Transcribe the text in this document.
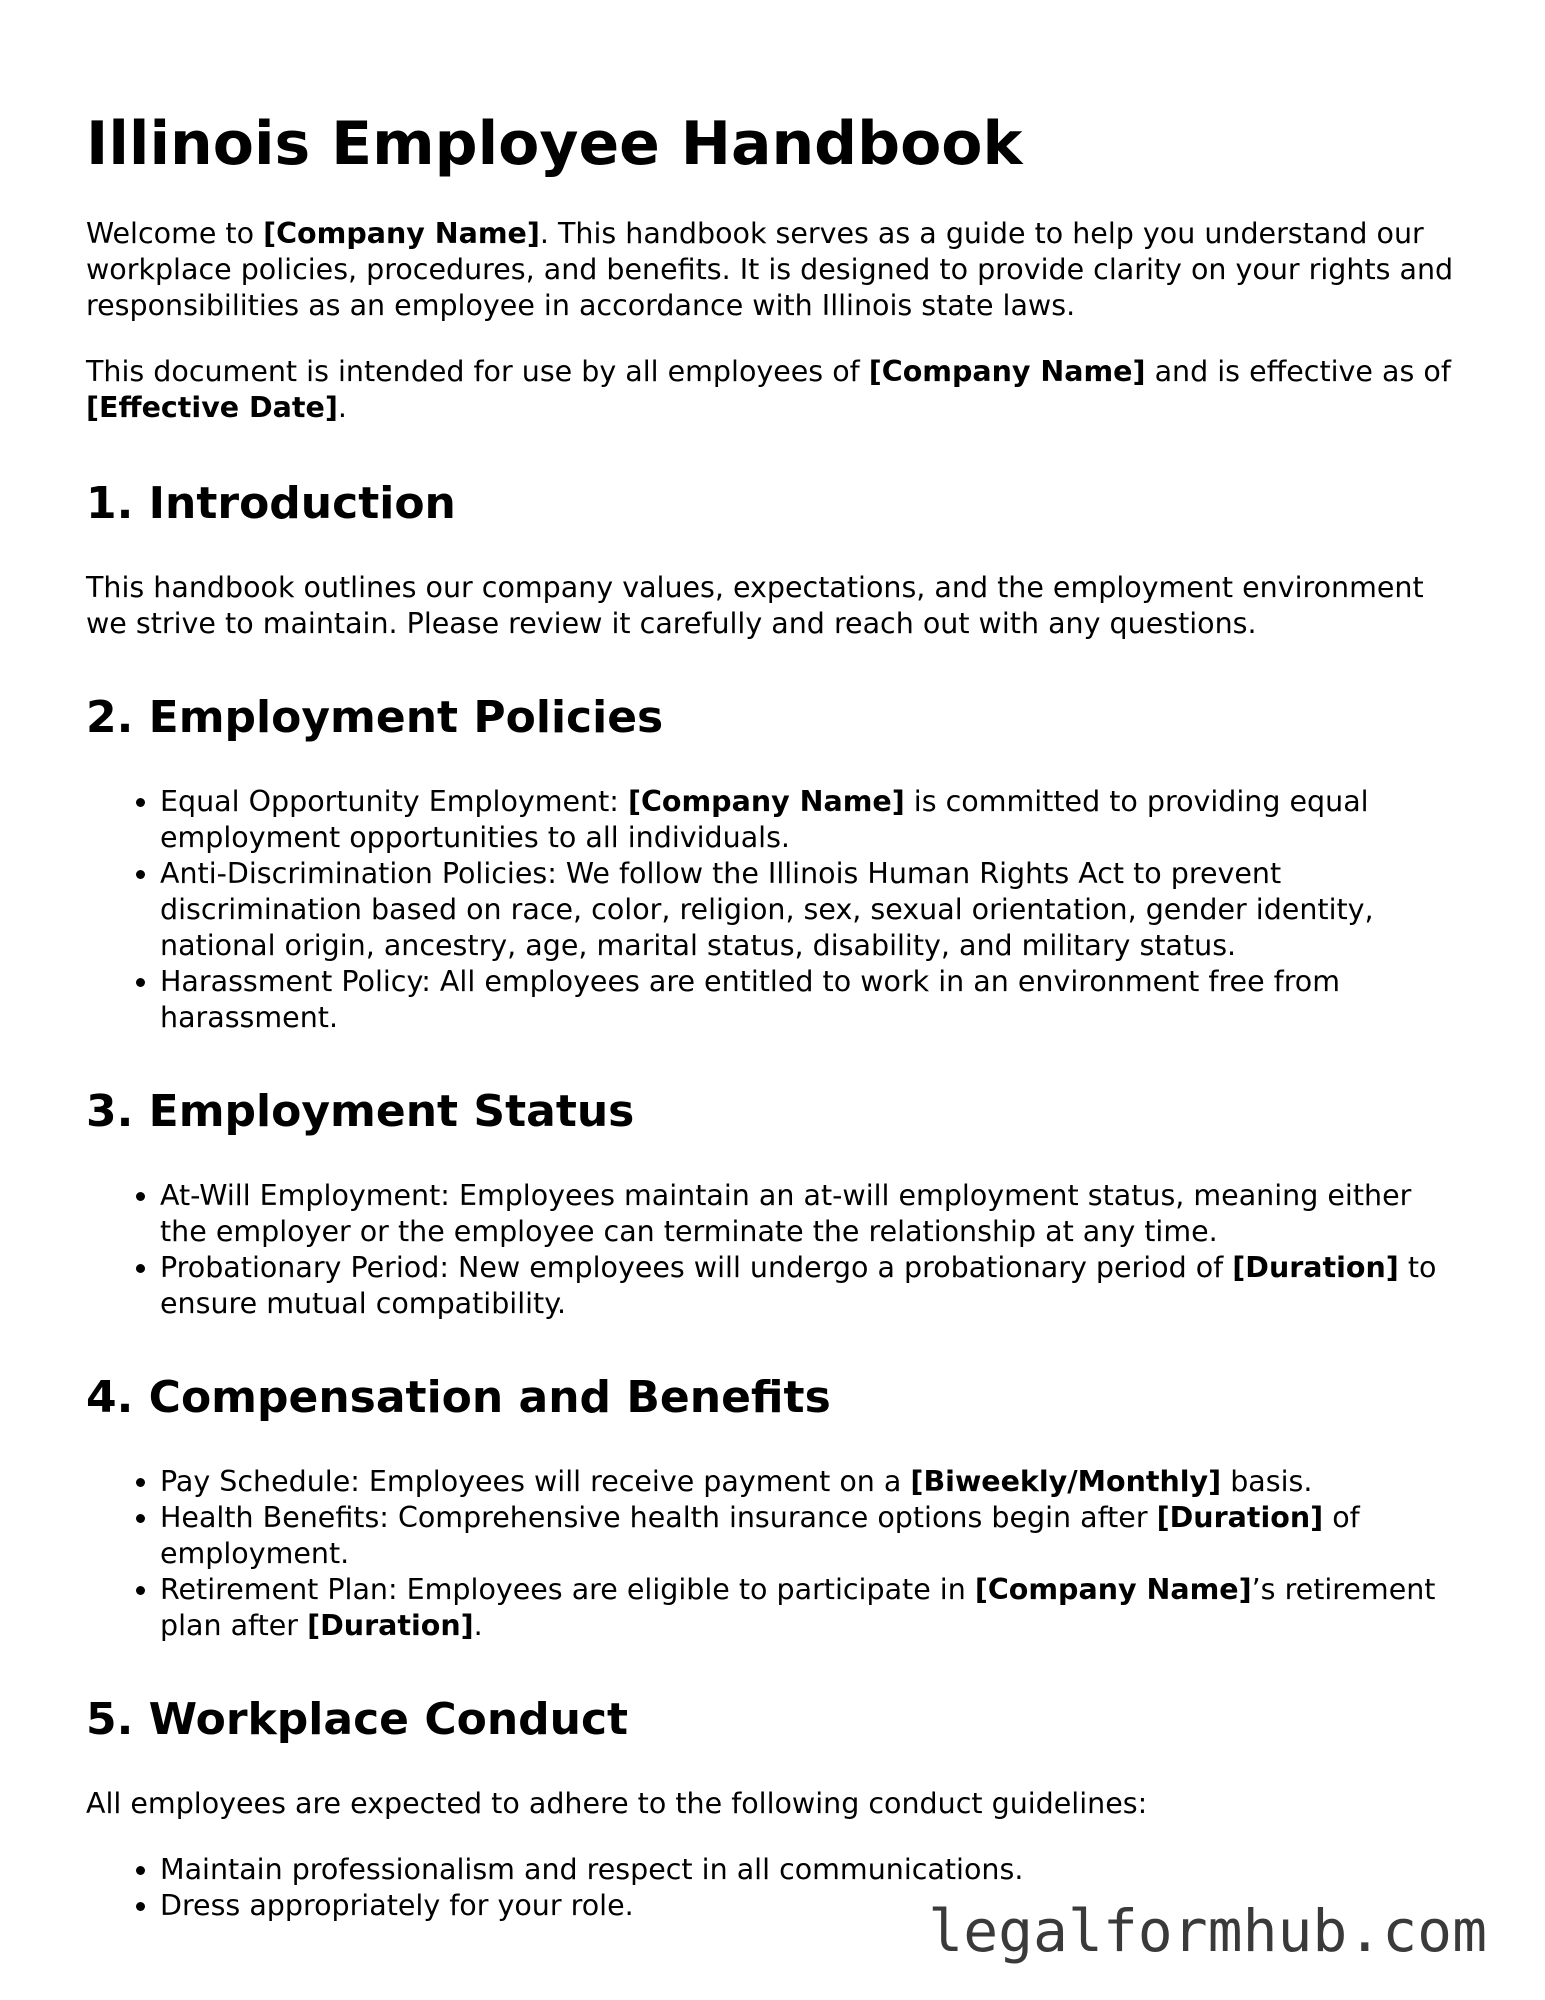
Illinois Employee Handbook

Welcome to [Company Name]. This handbook serves as a guide to help you understand our workplace policies, procedures, and benefits. It is designed to provide clarity on your rights and responsibilities as an employee in accordance with Illinois state laws.

This document is intended for use by all employees of [Company Name] and is effective as of [Effective Date].

1. Introduction

This handbook outlines our company values, expectations, and the employment environment we strive to maintain. Please review it carefully and reach out with any questions.

2. Employment Policies
• Equal Opportunity Employment: [Company Name] is committed to providing equal employment opportunities to all individuals.
• Anti-Discrimination Policies: We follow the Illinois Human Rights Act to prevent discrimination based on race, color, religion, sex, sexual orientation, gender identity, national origin, ancestry, age, marital status, disability, and military status.
• Harassment Policy: All employees are entitled to work in an environment free from harassment.
3. Employment Status
• At-Will Employment: Employees maintain an at-will employment status, meaning either the employer or the employee can terminate the relationship at any time.
• Probationary Period: New employees will undergo a probationary period of [Duration] to ensure mutual compatibility.
4. Compensation and Benefits
• Pay Schedule: Employees will receive payment on a [Biweekly/Monthly] basis.
• Health Benefits: Comprehensive health insurance options begin after [Duration] of employment.
• Retirement Plan: Employees are eligible to participate in [Company Name]’s retirement plan after [Duration].
5. Workplace Conduct

All employees are expected to adhere to the following conduct guidelines:

• Maintain professionalism and respect in all communications.
• Dress appropriately for your role.	legalformhub.com
